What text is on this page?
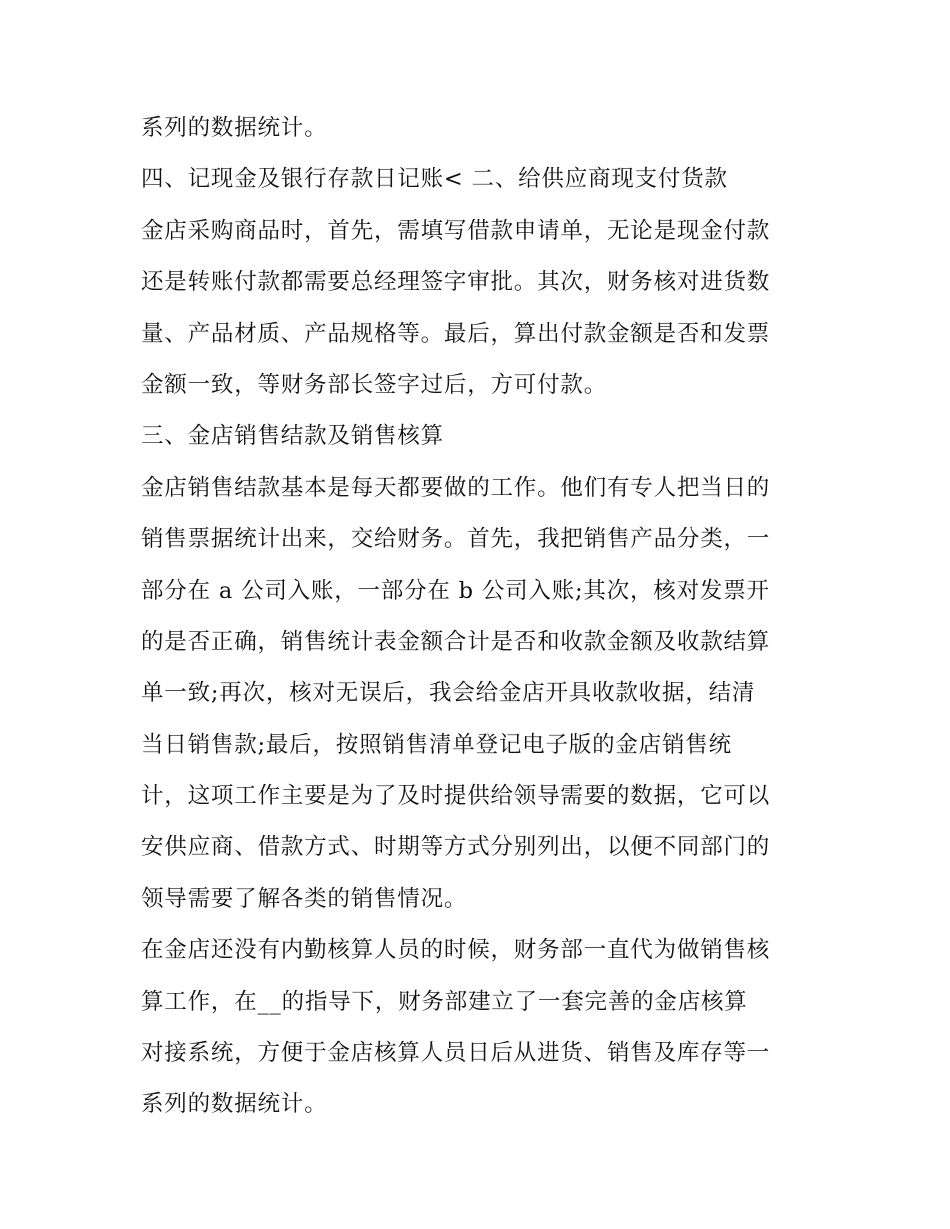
系列的数据统计。
四、记现金及银行存款日记账< 二、给供应商现支付货款
金店采购商品时，首先，需填写借款申请单，无论是现金付款
还是转账付款都需要总经理签字审批。其次，财务核对进货数
量、产品材质、产品规格等。最后，算出付款金额是否和发票
金额一致，等财务部长签字过后，方可付款。
三、金店销售结款及销售核算
金店销售结款基本是每天都要做的工作。他们有专人把当日的
销售票据统计出来，交给财务。首先，我把销售产品分类，一
部分在 a 公司入账，一部分在 b 公司入账;其次，核对发票开
的是否正确，销售统计表金额合计是否和收款金额及收款结算
单一致;再次，核对无误后，我会给金店开具收款收据，结清
当日销售款;最后，按照销售清单登记电子版的金店销售统
计，这项工作主要是为了及时提供给领导需要的数据，它可以
安供应商、借款方式、时期等方式分别列出，以便不同部门的
领导需要了解各类的销售情况。
在金店还没有内勤核算人员的时候，财务部一直代为做销售核
算工作，在__的指导下，财务部建立了一套完善的金店核算
对接系统，方便于金店核算人员日后从进货、销售及库存等一
系列的数据统计。
